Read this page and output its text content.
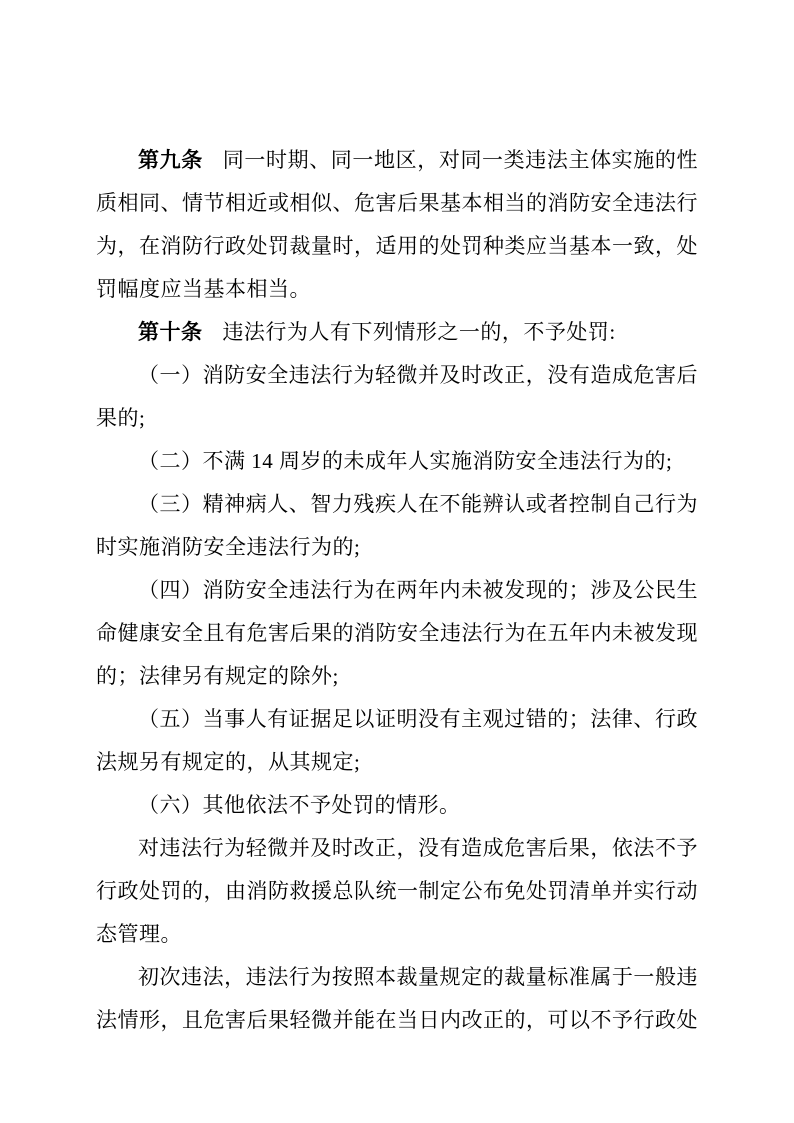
第九条 同一时期、同一地区，对同一类违法主体实施的性质相同、情节相近或相似、危害后果基本相当的消防安全违法行为，在消防行政处罚裁量时，适用的处罚种类应当基本一致，处罚幅度应当基本相当。

第十条 违法行为人有下列情形之一的，不予处罚:

（一）消防安全违法行为轻微并及时改正，没有造成危害后果的;

（二）不满 14 周岁的未成年人实施消防安全违法行为的;

（三）精神病人、智力残疾人在不能辨认或者控制自己行为时实施消防安全违法行为的;

（四）消防安全违法行为在两年内未被发现的；涉及公民生命健康安全且有危害后果的消防安全违法行为在五年内未被发现的；法律另有规定的除外;

（五）当事人有证据足以证明没有主观过错的；法律、行政法规另有规定的，从其规定;

（六）其他依法不予处罚的情形。

对违法行为轻微并及时改正，没有造成危害后果，依法不予行政处罚的，由消防救援总队统一制定公布免处罚清单并实行动态管理。

初次违法，违法行为按照本裁量规定的裁量标准属于一般违法情形，且危害后果轻微并能在当日内改正的，可以不予行政处
